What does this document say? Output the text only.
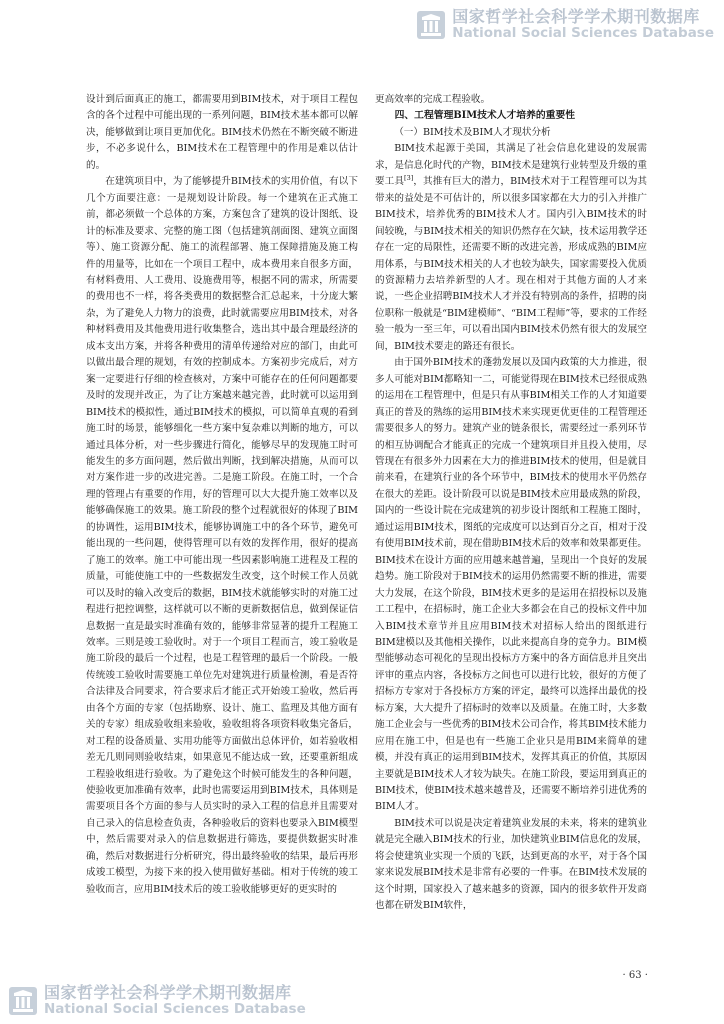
国家哲学社会科学学术期刊数据库
National Social Sciences Database

设计到后面真正的施工，都需要用到BIM技术，对于项目工程包含的各个过程中可能出现的一系列问题，BIM技术基本都可以解决，能够做到让项目更加优化。BIM技术仍然在不断突破不断进步，不必多说什么，BIM技术在工程管理中的作用是难以估计的。

在建筑项目中，为了能够提升BIM技术的实用价值，有以下几个方面要注意：一是规划设计阶段。每一个建筑在正式施工前，都必须做一个总体的方案，方案包含了建筑的设计图纸、设计的标准及要求、完整的施工图（包括建筑剖面图、建筑立面图等）、施工资源分配、施工的流程部署、施工保障措施及施工构件的用量等，比如在一个项目工程中，成本费用来自很多方面，有材料费用、人工费用、设施费用等，根据不同的需求，所需要的费用也不一样，将各类费用的数据整合汇总起来，十分庞大繁杂，为了避免人力物力的浪费，此时就需要应用BIM技术，对各种材料费用及其他费用进行收集整合，选出其中最合理最经济的成本支出方案，并将各种费用的清单传递给对应的部门，由此可以做出最合理的规划，有效的控制成本。方案初步完成后，对方案一定要进行仔细的检查核对，方案中可能存在的任何问题都要及时的发现并改正，为了让方案越来越完善，此时就可以运用到BIM技术的模拟性，通过BIM技术的模拟，可以简单直观的看到施工时的场景，能够细化一些方案中复杂难以判断的地方，可以通过具体分析，对一些步骤进行简化，能够尽早的发现施工时可能发生的多方面问题，然后做出判断，找到解决措施，从而可以对方案作进一步的改进完善。二是施工阶段。在施工时，一个合理的管理占有重要的作用，好的管理可以大大提升施工效率以及能够确保施工的效果。施工阶段的整个过程就很好的体现了BIM的协调性，运用BIM技术，能够协调施工中的各个环节，避免可能出现的一些问题，使得管理可以有效的发挥作用，很好的提高了施工的效率。施工中可能出现一些因素影响施工进程及工程的质量，可能使施工中的一些数据发生改变，这个时候工作人员就可以及时的输入改变后的数据，BIM技术就能够实时的对施工过程进行把控调整，这样就可以不断的更新数据信息，做到保证信息数据一直是最实时准确有效的，能够非常显著的提升工程施工效率。三则是竣工验收时。对于一个项目工程而言，竣工验收是施工阶段的最后一个过程，也是工程管理的最后一个阶段。一般传统竣工验收时需要施工单位先对建筑进行质量检测，看是否符合法律及合同要求，符合要求后才能正式开始竣工验收，然后再由各个方面的专家（包括勘察、设计、施工、监理及其他方面有关的专家）组成验收组来验收，验收组将各项资料收集完备后，对工程的设备质量、实用功能等方面做出总体评价，如若验收相差无几则同则验收结束，如果意见不能达成一致，还要重新组成工程验收组进行验收。为了避免这个时候可能发生的各种问题，使验收更加准确有效率，此时也需要运用到BIM技术，具体则是需要项目各个方面的参与人员实时的录入工程的信息并且需要对自己录入的信息检查负责，各种验收后的资料也要录入BIM模型中，然后需要对录入的信息数据进行筛选，要提供数据实时准确，然后对数据进行分析研究，得出最终验收的结果，最后再形成竣工模型，为接下来的投入使用做好基础。相对于传统的竣工验收而言，应用BIM技术后的竣工验收能够更好的更实时的

更高效率的完成工程验收。

四、工程管理BIM技术人才培养的重要性
（一）BIM技术及BIM人才现状分析

BIM技术起源于美国，其满足了社会信息化建设的发展需求，是信息化时代的产物，BIM技术是建筑行业转型及升级的重要工具[3]，其推有巨大的潜力，BIM技术对于工程管理可以为其带来的益处是不可估计的，所以很多国家都在大力的引入并推广BIM技术，培养优秀的BIM技术人才。国内引入BIM技术的时间较晚，与BIM技术相关的知识仍然存在欠缺，技术运用教学还存在一定的局限性，还需要不断的改进完善，形成成熟的BIM应用体系，与BIM技术相关的人才也较为缺失，国家需要投入优质的资源精力去培养新型的人才。现在相对于其他方面的人才来说，一些企业招聘BIM技术人才并没有特别高的条件，招聘的岗位职称一般就是“BIM建模师”、“BIM工程师”等，要求的工作经验一般为一至三年，可以看出国内BIM技术仍然有很大的发展空间，BIM技术要走的路还有很长。

由于国外BIM技术的蓬勃发展以及国内政策的大力推进，很多人可能对BIM都略知一二，可能觉得现在BIM技术已经很成熟的运用在工程管理中，但是只有从事BIM相关工作的人才知道要真正的普及的熟练的运用BIM技术来实现更优更佳的工程管理还需要很多人的努力。建筑产业的链条很长，需要经过一系列环节的相互协调配合才能真正的完成一个建筑项目并且投入使用，尽管现在有很多外力因素在大力的推进BIM技术的使用，但是就目前来看，在建筑行业的各个环节中，BIM技术的使用水平仍然存在很大的差距。设计阶段可以说是BIM技术应用最成熟的阶段，国内的一些设计院在完成建筑的初步设计图纸和工程施工图时，通过运用BIM技术，图纸的完成度可以达到百分之百，相对于没有使用BIM技术前，现在借助BIM技术后的效率和效果都更佳。BIM技术在设计方面的应用越来越普遍，呈现出一个良好的发展趋势。施工阶段对于BIM技术的运用仍然需要不断的推进，需要大力发展，在这个阶段，BIM技术更多的是运用在招投标以及施工工程中，在招标时，施工企业大多都会在自己的投标文件中加入BIM技术章节并且应用BIM技术对招标人给出的图纸进行BIM建模以及其他相关操作，以此来提高自身的竞争力。BIM模型能够动态可视化的呈现出投标方方案中的各方面信息并且突出评审的重点内容，各投标方之间也可以进行比较，很好的方便了招标方专家对于各投标方方案的评定，最终可以选择出最优的投标方案，大大提升了招标时的效率以及质量。在施工时，大多数施工企业会与一些优秀的BIM技术公司合作，将其BIM技术能力应用在施工中，但是也有一些施工企业只是用BIM来简单的建模，并没有真正的运用到BIM技术，发挥其真正的价值，其原因主要就是BIM技术人才较为缺失。在施工阶段，要运用到真正的BIM技术，使BIM技术越来越普及，还需要不断培养引进优秀的BIM人才。

BIM技术可以说是决定着建筑业发展的未来，将来的建筑业就是完全融入BIM技术的行业，加快建筑业BIM信息化的发展，将会使建筑业实现一个质的飞跃，达到更高的水平，对于各个国家来说发展BIM技术是非常有必要的一件事。在BIM技术发展的这个时期，国家投入了越来越多的资源，国内的很多软件开发商也都在研发BIM软件，

· 63 ·
国家哲学社会科学学术期刊数据库
National Social Sciences Database
